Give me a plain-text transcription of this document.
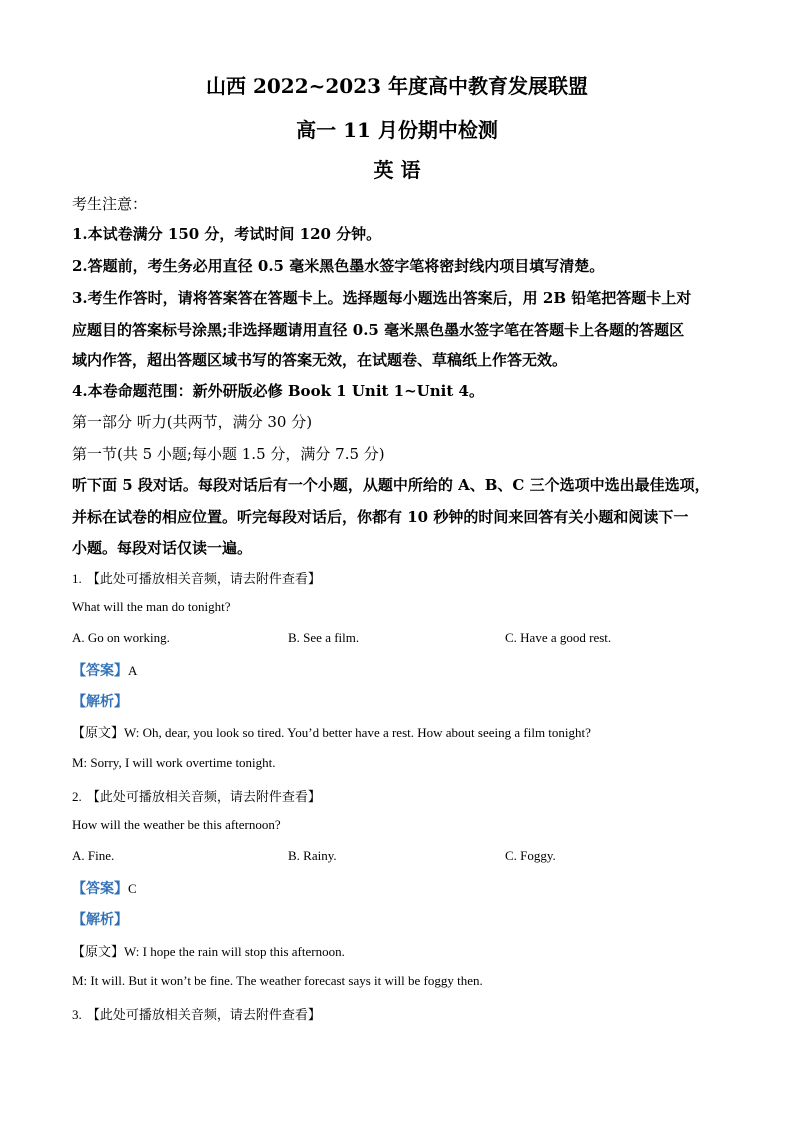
山西 2022~2023 年度高中教育发展联盟
高一 11 月份期中检测
英 语
考生注意：
1.本试卷满分 150 分，考试时间 120 分钟。
2.答题前，考生务必用直径 0.5 毫米黑色墨水签字笔将密封线内项目填写清楚。
3.考生作答时，请将答案答在答题卡上。选择题每小题选出答案后，用 2B 铅笔把答题卡上对
应题目的答案标号涂黑;非选择题请用直径 0.5 毫米黑色墨水签字笔在答题卡上各题的答题区
域内作答，超出答题区域书写的答案无效，在试题卷、草稿纸上作答无效。
4.本卷命题范围：新外研版必修 Book 1 Unit 1~Unit 4。
第一部分 听力(共两节，满分 30 分)
第一节(共 5 小题;每小题 1.5 分，满分 7.5 分)
听下面 5 段对话。每段对话后有一个小题，从题中所给的 A、B、C 三个选项中选出最佳选项，
并标在试卷的相应位置。听完每段对话后，你都有 10 秒钟的时间来回答有关小题和阅读下一
小题。每段对话仅读一遍。
1. 【此处可播放相关音频，请去附件查看】
What will the man do tonight?
A. Go on working.	B. See a film.	C. Have a good rest.
【答案】A
【解析】
【原文】W: Oh, dear, you look so tired. You’d better have a rest. How about seeing a film tonight?
M: Sorry, I will work overtime tonight.
2. 【此处可播放相关音频，请去附件查看】
How will the weather be this afternoon?
A. Fine.	B. Rainy.	C. Foggy.
【答案】C
【解析】
【原文】W: I hope the rain will stop this afternoon.
M: It will. But it won’t be fine. The weather forecast says it will be foggy then.
3. 【此处可播放相关音频，请去附件查看】
